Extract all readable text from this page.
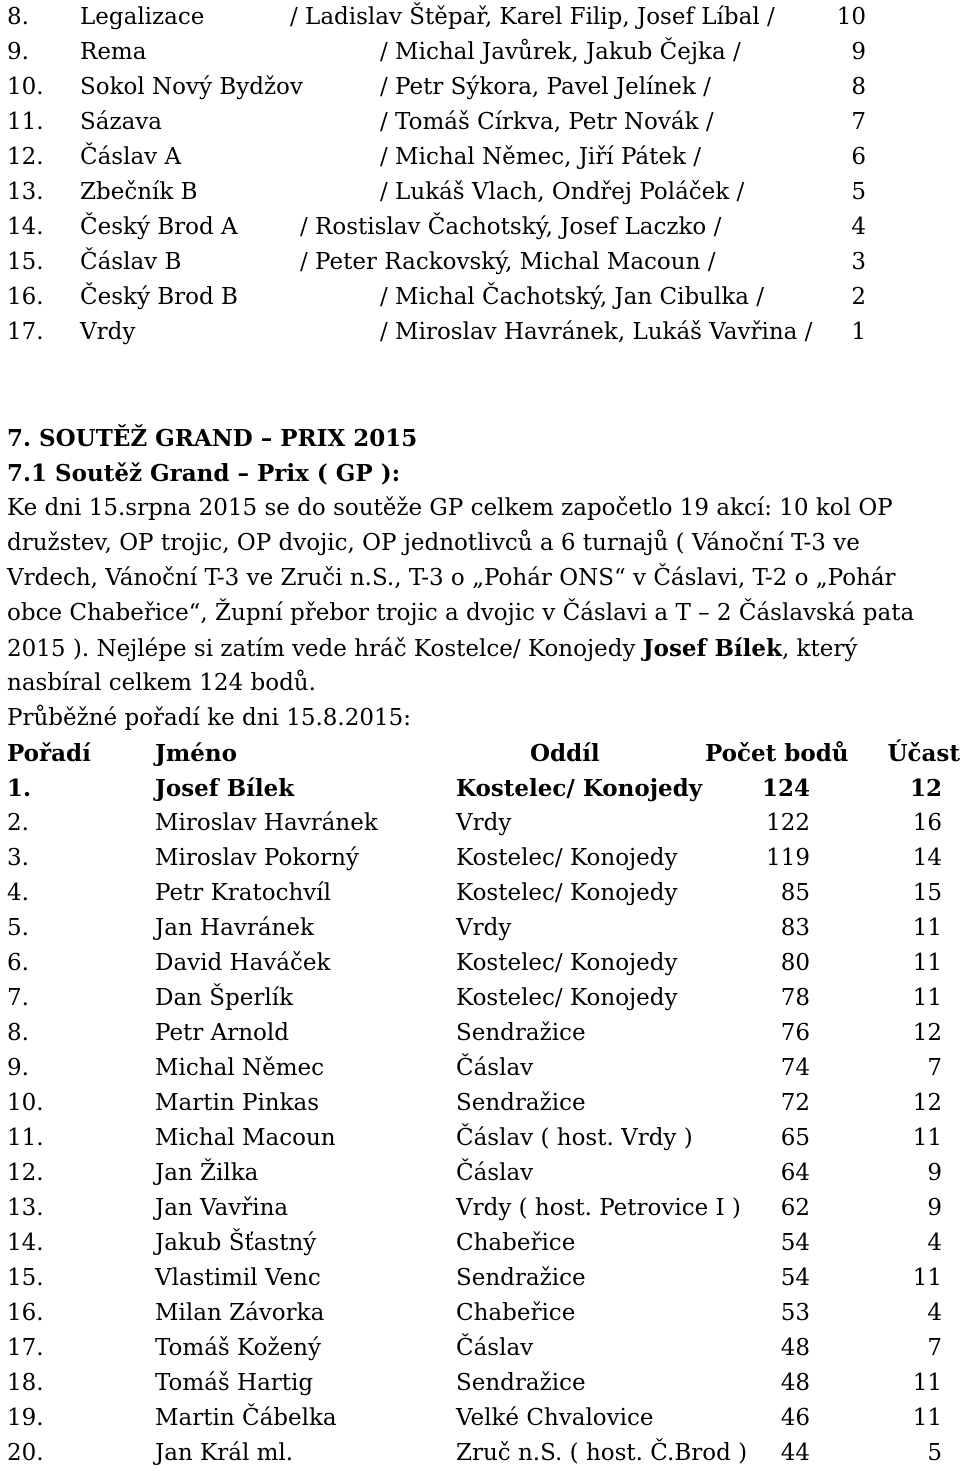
8. Legalizace	/ Ladislav Štěpař, Karel Filip, Josef Líbal /	10
9. Rema	/ Michal Javůrek, Jakub Čejka /	9
10. Sokol Nový Bydžov	/ Petr Sýkora, Pavel Jelínek /	8
11. Sázava	/ Tomáš Církva, Petr Novák /	7
12. Čáslav A	/ Michal Němec, Jiří Pátek /	6
13. Zbečník B	/ Lukáš Vlach, Ondřej Poláček /	5
14. Český Brod A	/ Rostislav Čachotský, Josef Laczko /	4
15. Čáslav B	/ Peter Rackovský, Michal Macoun /	3
16. Český Brod B	/ Michal Čachotský, Jan Cibulka /	2
17. Vrdy	/ Miroslav Havránek, Lukáš Vavřina / 1
7. SOUTĚŽ GRAND – PRIX 2015
7.1 Soutěž Grand – Prix ( GP ):
Ke dni 15.srpna 2015 se do soutěže GP celkem započetlo 19 akcí: 10 kol OP
družstev, OP trojic, OP dvojic, OP jednotlivců a 6 turnajů ( Vánoční T-3 ve
Vrdech, Vánoční T-3 ve Zruči n.S., T-3 o „Pohár ONS“ v Čáslavi, T-2 o „Pohár
obce Chabeřice“, Župní přebor trojic a dvojic v Čáslavi a T – 2 Čáslavská pata
2015 ). Nejlépe si zatím vede hráč Kostelce/ Konojedy Josef Bílek, který
nasbíral celkem 124 bodů.
Průběžné pořadí ke dni 15.8.2015:
Pořadí	Jméno	Oddíl	Počet bodů Účast
1.	Josef Bílek	Kostelec/ Konojedy	124	12
2.	Miroslav Havránek	Vrdy	122	16
3.	Miroslav Pokorný	Kostelec/ Konojedy	119	14
4.	Petr Kratochvíl	Kostelec/ Konojedy	85	15
5.	Jan Havránek	Vrdy	83	11
6.	David Haváček	Kostelec/ Konojedy	80	11
7.	Dan Šperlík	Kostelec/ Konojedy	78	11
8.	Petr Arnold	Sendražice	76	12
9.	Michal Němec	Čáslav	74	7
10.	Martin Pinkas	Sendražice	72	12
11.	Michal Macoun	Čáslav ( host. Vrdy )	65	11
12.	Jan Žilka	Čáslav	64	9
13.	Jan Vavřina	Vrdy ( host. Petrovice I ) 62	9
14.	Jakub Šťastný	Chabeřice	54	4
15.	Vlastimil Venc	Sendražice	54	11
16.	Milan Závorka	Chabeřice	53	4
17.	Tomáš Kožený	Čáslav	48	7
18.	Tomáš Hartig	Sendražice	48	11
19.	Martin Čábelka	Velké Chvalovice	46	11
20.	Jan Král ml.	Zruč n.S. ( host. Č.Brod ) 44	5
